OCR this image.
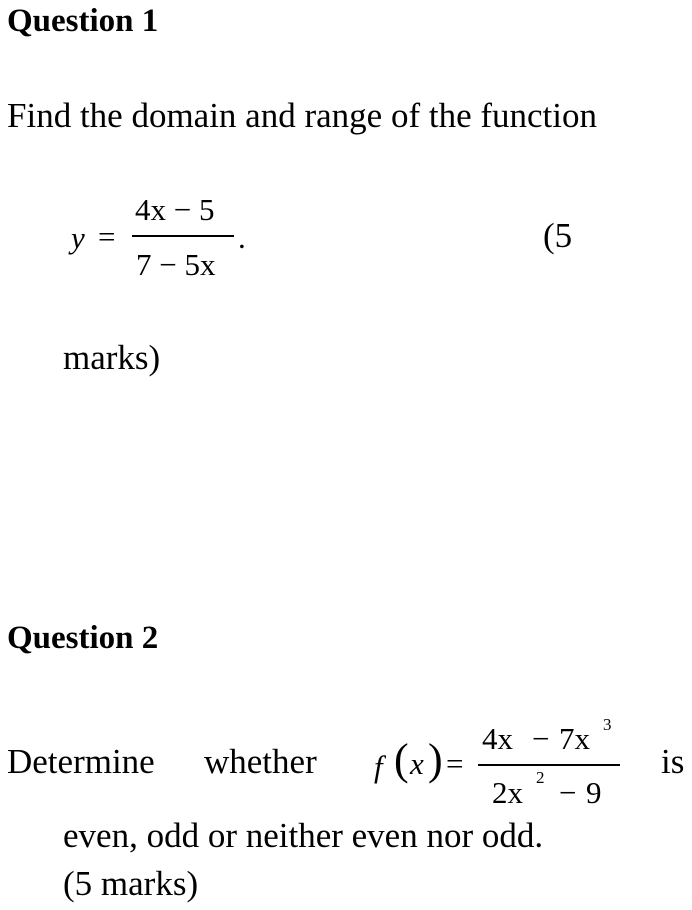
Question 1
Find the domain and range of the function
y =
4x − 5
7 − 5x
.	(5
marks)
Question 2
Determine whether f ( x ) =
4x − 7x 3
2x 2 − 9
is
even, odd or neither even nor odd.
(5 marks)
